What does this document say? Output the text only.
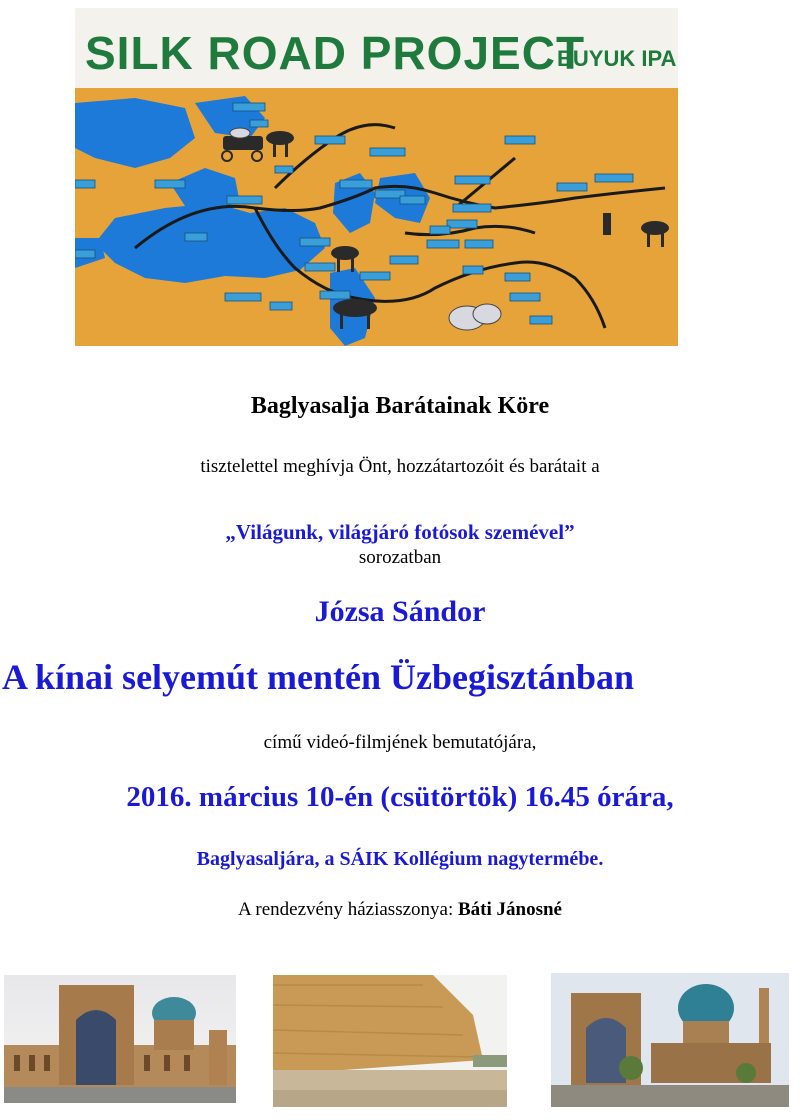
SILK ROAD PROJECT
BUYUK IPA
Baglyasalja Barátainak Köre
tisztelettel meghívja Önt, hozzátartozóit és barátait a
„Világunk, világjáró fotósok szemével”
sorozatban
Józsa Sándor
A kínai selyemút mentén Üzbegisztánban
című videó-filmjének bemutatójára,
2016. március 10-én (csütörtök) 16.45 órára,
Baglyasaljára, a SÁIK Kollégium nagytermébe.
A rendezvény háziasszonya: Báti Jánosné
